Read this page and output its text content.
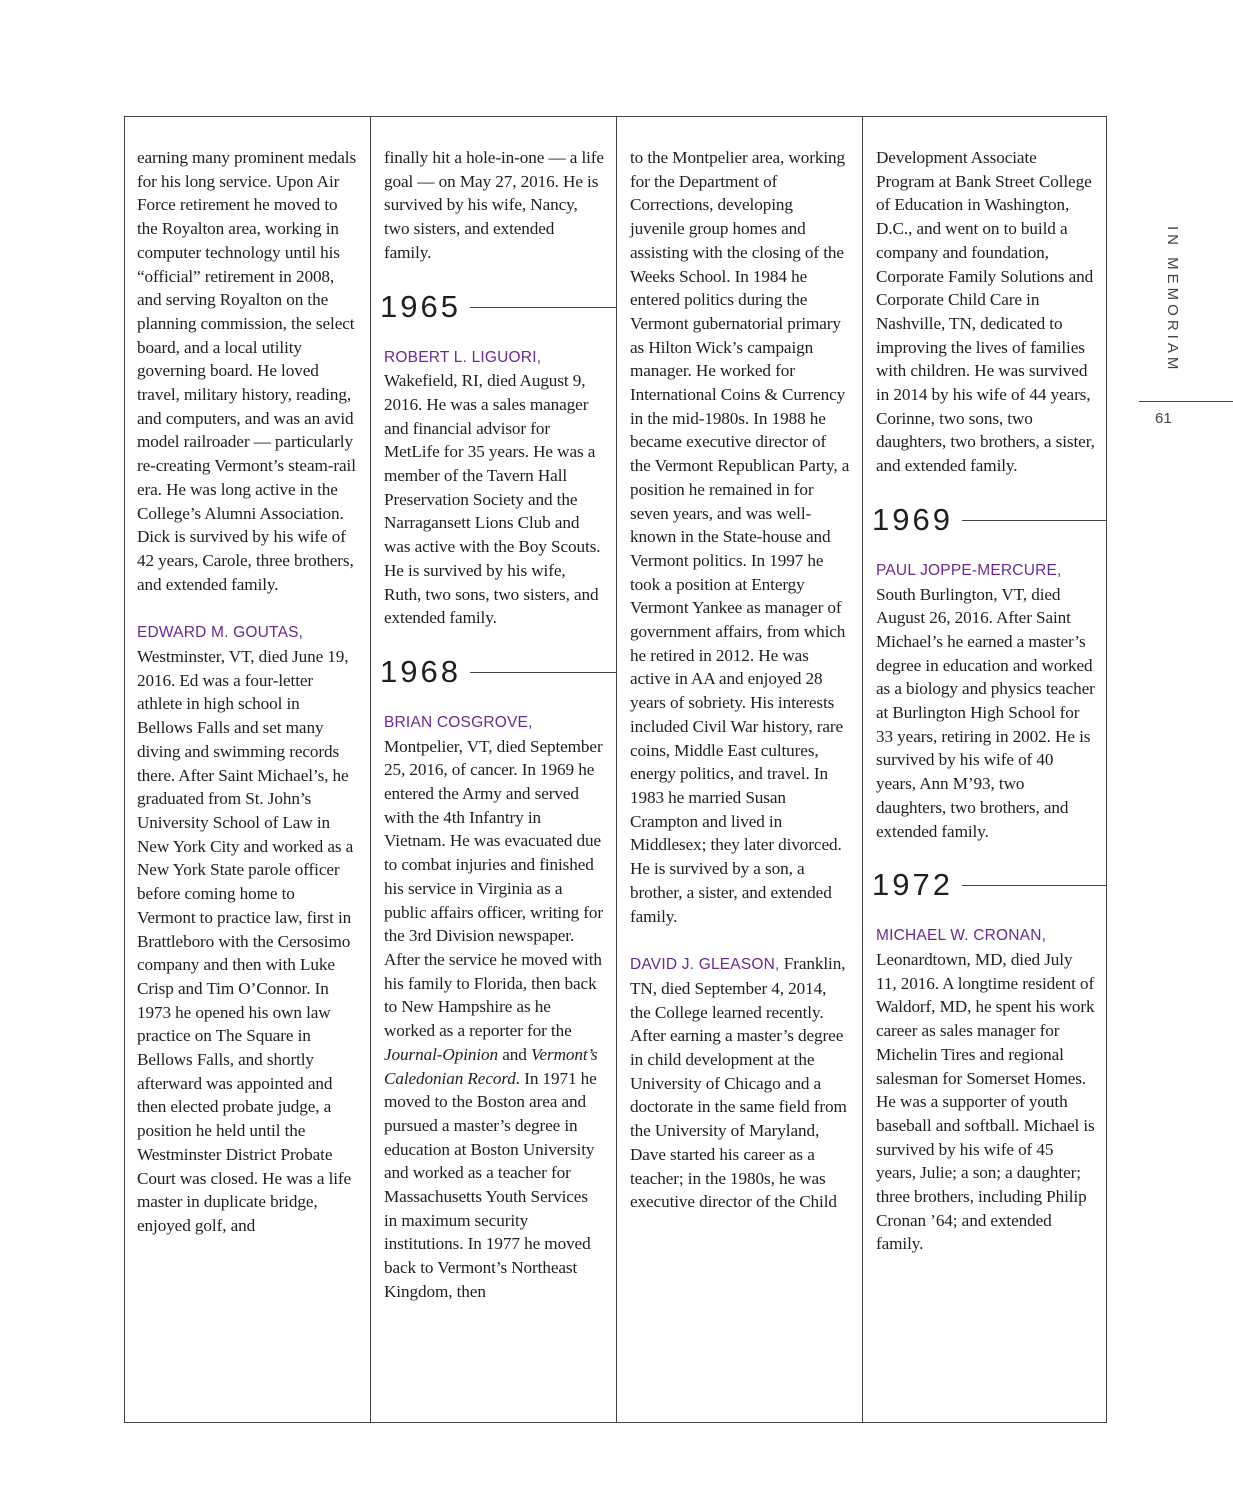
earning many prominent medals for his long service. Upon Air Force retirement he moved to the Royalton area, working in computer technology until his “official” retirement in 2008, and serving Royalton on the planning commission, the select board, and a local utility governing board. He loved travel, military history, reading, and computers, and was an avid model railroader — particularly re-creating Vermont’s steam-rail era. He was long active in the College’s Alumni Association. Dick is survived by his wife of 42 years, Carole, three brothers, and extended family.

EDWARD M. GOUTAS, Westminster, VT, died June 19, 2016. Ed was a four-letter athlete in high school in Bellows Falls and set many diving and swimming records there. After Saint Michael’s, he graduated from St. John’s University School of Law in New York City and worked as a New York State parole officer before coming home to Vermont to practice law, first in Brattleboro with the Cersosimo company and then with Luke Crisp and Tim O’Connor. In 1973 he opened his own law practice on The Square in Bellows Falls, and shortly afterward was appointed and then elected probate judge, a position he held until the Westminster District Probate Court was closed. He was a life master in duplicate bridge, enjoyed golf, and

finally hit a hole-in-one — a life goal — on May 27, 2016. He is survived by his wife, Nancy, two sisters, and extended family.

1965

ROBERT L. LIGUORI, Wakefield, RI, died August 9, 2016. He was a sales manager and financial advisor for MetLife for 35 years. He was a member of the Tavern Hall Preservation Society and the Narragansett Lions Club and was active with the Boy Scouts. He is survived by his wife, Ruth, two sons, two sisters, and extended family.

1968

BRIAN COSGROVE, Montpelier, VT, died September 25, 2016, of cancer. In 1969 he entered the Army and served with the 4th Infantry in Vietnam. He was evacuated due to combat injuries and finished his service in Virginia as a public affairs officer, writing for the 3rd Division newspaper. After the service he moved with his family to Florida, then back to New Hampshire as he worked as a reporter for the Journal-Opinion and Vermont’s Caledonian Record. In 1971 he moved to the Boston area and pursued a master’s degree in education at Boston University and worked as a teacher for Massachusetts Youth Services in maximum security institutions. In 1977 he moved back to Vermont’s Northeast Kingdom, then

to the Montpelier area, working for the Department of Corrections, developing juvenile group homes and assisting with the closing of the Weeks School. In 1984 he entered politics during the Vermont gubernatorial primary as Hilton Wick’s campaign manager. He worked for International Coins & Currency in the mid-1980s. In 1988 he became executive director of the Vermont Republican Party, a position he remained in for seven years, and was well-known in the State-house and Vermont politics. In 1997 he took a position at Entergy Vermont Yankee as manager of government affairs, from which he retired in 2012. He was active in AA and enjoyed 28 years of sobriety. His interests included Civil War history, rare coins, Middle East cultures, energy politics, and travel. In 1983 he married Susan Crampton and lived in Middlesex; they later divorced. He is survived by a son, a brother, a sister, and extended family.

DAVID J. GLEASON, Franklin, TN, died September 4, 2014, the College learned recently. After earning a master’s degree in child development at the University of Chicago and a doctorate in the same field from the University of Maryland, Dave started his career as a teacher; in the 1980s, he was executive director of the Child

Development Associate Program at Bank Street College of Education in Washington, D.C., and went on to build a company and foundation, Corporate Family Solutions and Corporate Child Care in Nashville, TN, dedicated to improving the lives of families with children. He was survived in 2014 by his wife of 44 years, Corinne, two sons, two daughters, two brothers, a sister, and extended family.

1969

PAUL JOPPE-MERCURE, South Burlington, VT, died August 26, 2016. After Saint Michael’s he earned a master’s degree in education and worked as a biology and physics teacher at Burlington High School for 33 years, retiring in 2002. He is survived by his wife of 40 years, Ann M’93, two daughters, two brothers, and extended family.

1972

MICHAEL W. CRONAN, Leonardtown, MD, died July 11, 2016. A longtime resident of Waldorf, MD, he spent his work career as sales manager for Michelin Tires and regional salesman for Somerset Homes. He was a supporter of youth baseball and softball. Michael is survived by his wife of 45 years, Julie; a son; a daughter; three brothers, including Philip Cronan ’64; and extended family.

IN MEMORIAM
61
